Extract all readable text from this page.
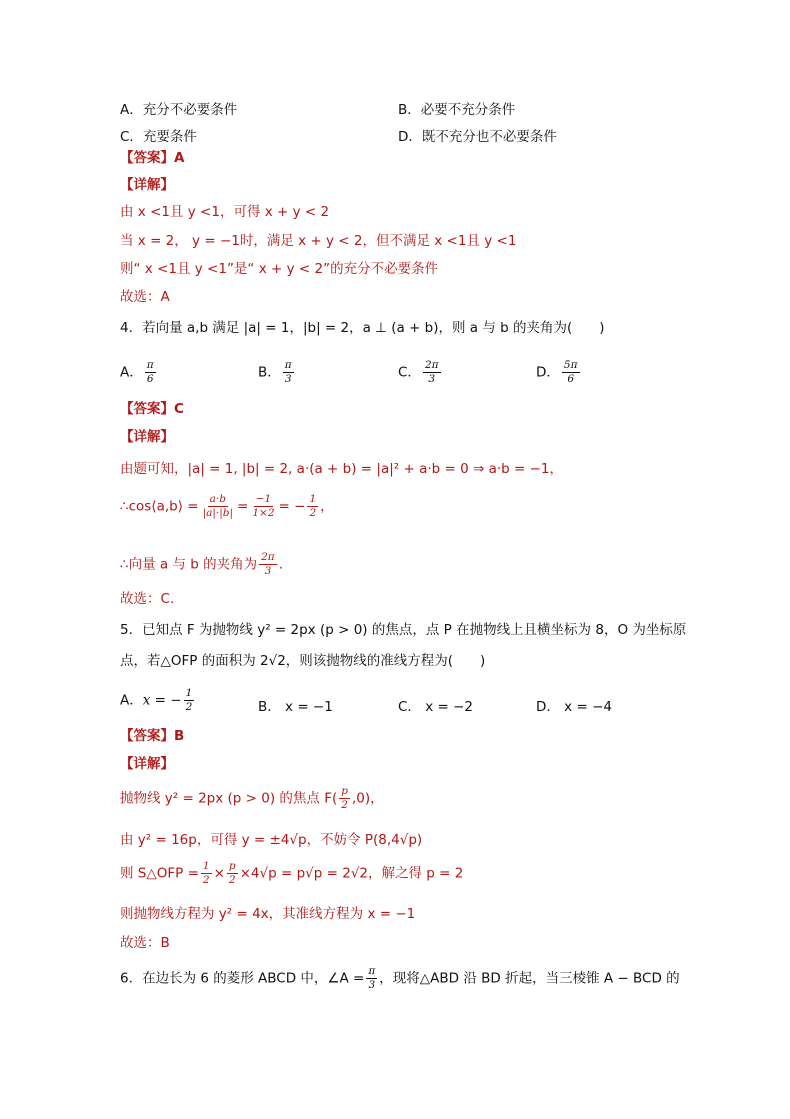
A．充分不必要条件	B．必要不充分条件
C．充要条件	D．既不充分也不必要条件
【答案】A
【详解】
由 x <1且 y <1，可得 x + y < 2
当 x = 2， y = −1时，满足 x + y < 2，但不满足 x <1且 y <1
则“ x <1且 y <1”是“ x + y < 2”的充分不必要条件
故选：A
4．若向量 a,b 满足 |a| = 1，|b| = 2，a ⊥ (a + b)，则 a 与 b 的夹角为(　　)
A． $\frac{\pi}{6}$	B． $\frac{\pi}{3}$	C． $\frac{2\pi}{3}$	D． $\frac{5\pi}{6}$
【答案】C
【详解】
由题可知，|a| = 1, |b| = 2, a·(a + b) = |a|² + a·b = 0 ⇒ a·b = −1，
∴cos⟨a,b⟩ = $\frac{a\cdot b}{|a|\cdot|b|} = \frac{-1}{1\times 2}$ = − $\frac{1}{2}$ ，
∴向量 a 与 b 的夹角为 $\frac{2\pi}{3}$ .
故选：C.
5．已知点 F 为抛物线 y² = 2px (p > 0) 的焦点，点 P 在抛物线上且横坐标为 8，O 为坐标原
点，若△OFP 的面积为 2√2，则该抛物线的准线方程为(　　)
A．x = − $\frac{1}{2}$	B． x = −1	C． x = −2	D． x = −4
【答案】B
【详解】
抛物线 y² = 2px (p > 0) 的焦点 $F( \frac{p}{2} ,0)$，
由 y² = 16p，可得 y = ±4√p，不妨令 P(8,4√p)
则 S△OFP = $\frac{1}{2} \times \frac{p}{2} \times 4√p = p√p = 2√2$，解之得 p = 2
则抛物线方程为 y² = 4x，其准线方程为 x = −1
故选：B
6．在边长为 6 的菱形 ABCD 中，∠A = $\frac{\pi}{3}$ ，现将△ABD 沿 BD 折起，当三棱锥 A − BCD 的
